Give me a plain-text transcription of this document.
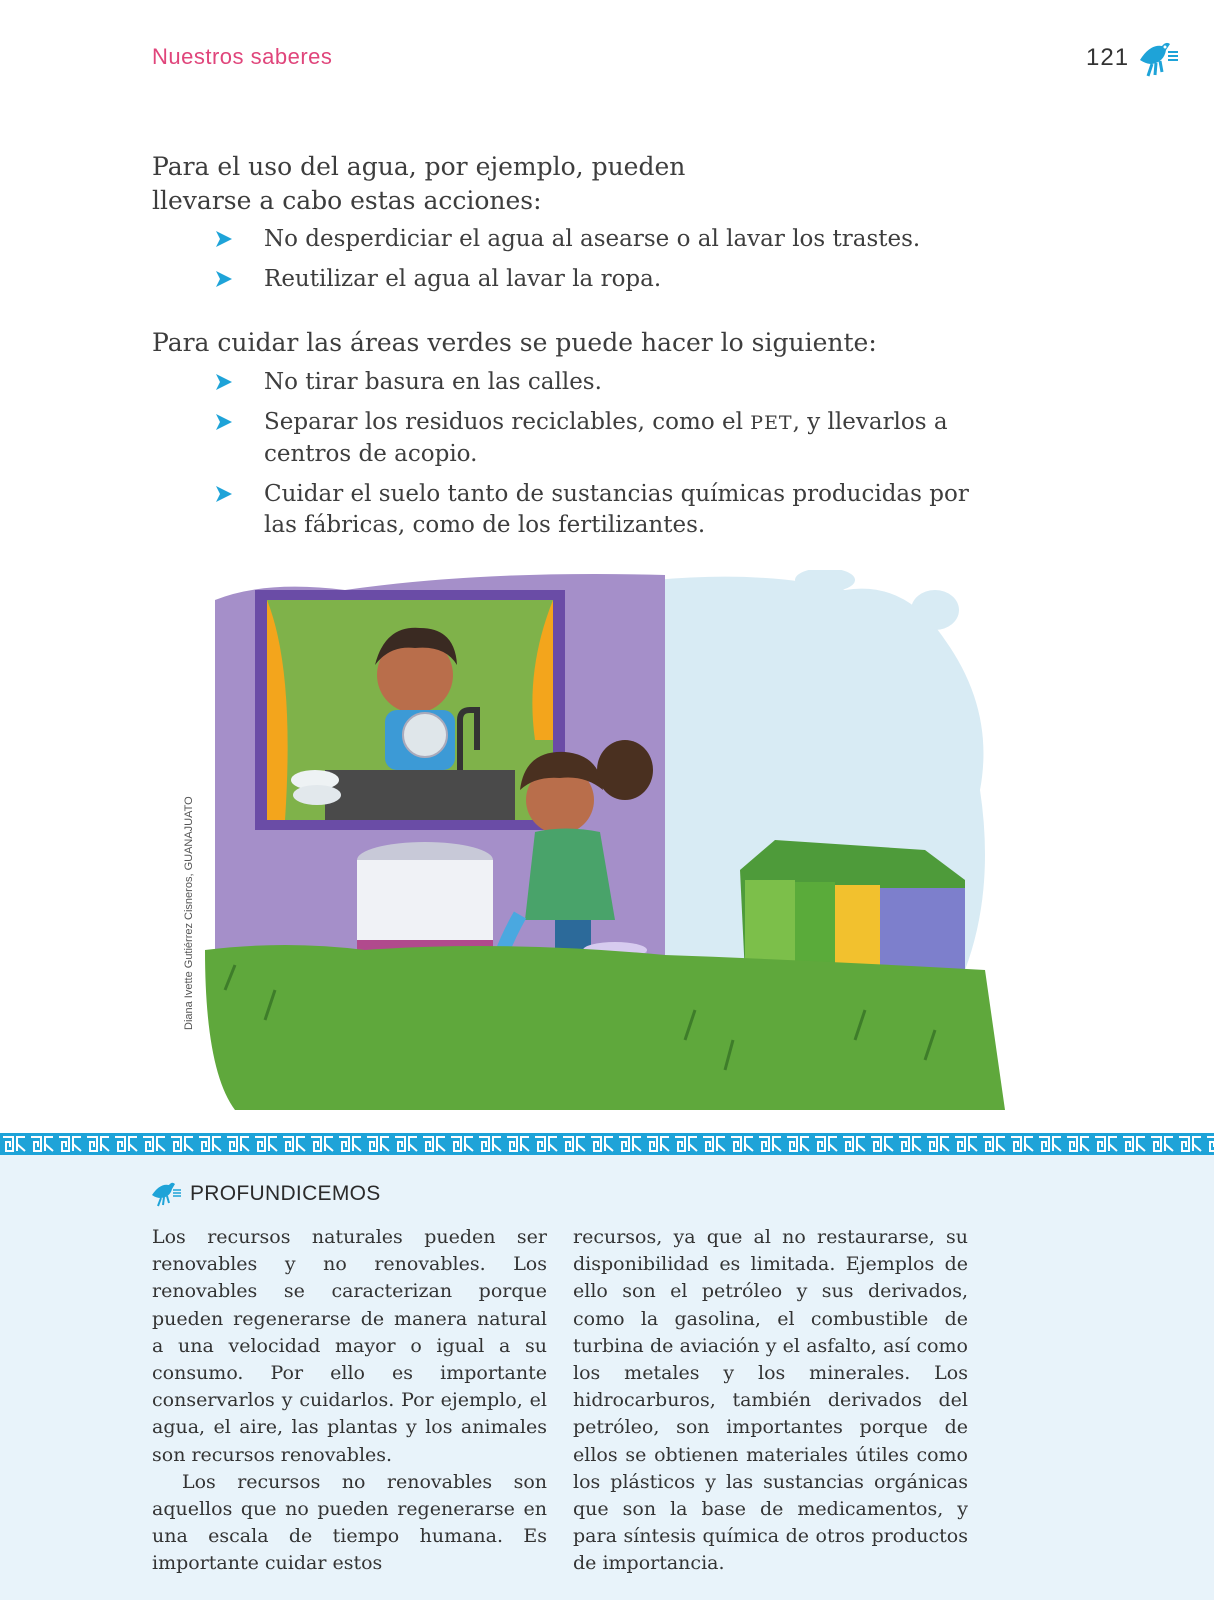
Nuestros saberes	121

Para el uso del agua, por ejemplo, pueden llevarse a cabo estas acciones:

No desperdiciar el agua al asearse o al lavar los trastes.
Reutilizar el agua al lavar la ropa.

Para cuidar las áreas verdes se puede hacer lo siguiente:

No tirar basura en las calles.
Separar los residuos reciclables, como el PET, y llevarlos a centros de acopio.
Cuidar el suelo tanto de sustancias químicas producidas por las fábricas, como de los fertilizantes.
Diana Ivette Gutiérrez Cisneros, GUANAJUATO
PROFUNDICEMOS

Los recursos naturales pueden ser renovables y no renovables. Los renovables se caracterizan porque pueden regenerarse de manera natural a una velocidad mayor o igual a su consumo. Por ello es importante conservarlos y cuidarlos. Por ejemplo, el agua, el aire, las plantas y los animales son recursos renovables.

Los recursos no renovables son aquellos que no pueden regenerarse en una escala de tiempo humana. Es importante cuidar estos

recursos, ya que al no restaurarse, su disponibilidad es limitada. Ejemplos de ello son el petróleo y sus derivados, como la gasolina, el combustible de turbina de aviación y el asfalto, así como los metales y los minerales. Los hidrocarburos, también derivados del petróleo, son importantes porque de ellos se obtienen materiales útiles como los plásticos y las sustancias orgánicas que son la base de medicamentos, y para síntesis química de otros productos de importancia.
